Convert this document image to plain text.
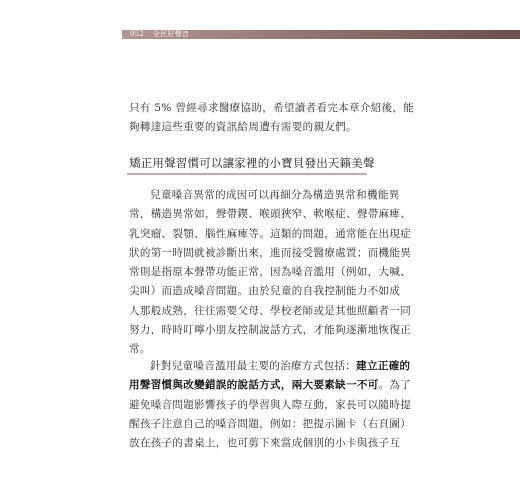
052 全民好聲音
只有 5% 曾經尋求醫療協助，希望讀者看完本章介紹後，能
夠轉達這些重要的資訊給周遭有需要的親友們。
矯正用聲習慣可以讓家裡的小寶貝發出天籟美聲
兒童嗓音異常的成因可以再細分為構造異常和機能異
常，構造異常如，聲帶鍥、喉頭狹窄、軟喉症、聲帶麻痺、
乳突瘤、裂顎、腦性麻痺等。這類的問題，通常能在出現症
狀的第一時間就被診斷出來，進而接受醫療處置；而機能異
常則是指原本聲帶功能正常，因為嗓音濫用（例如，大喊、
尖叫）而造成嗓音問題。由於兒童的自我控制能力不如成
人那般成熟，往往需要父母、學校老師或是其他照顧者一同
努力，時時叮嚀小朋友控制說話方式，才能夠逐漸地恢復正
常。
針對兒童嗓音濫用最主要的治療方式包括：建立正確的
用聲習慣與改變錯誤的說話方式，兩大要素缺一不可。為了
避免嗓音問題影響孩子的學習與人際互動，家長可以隨時提
醒孩子注意自己的嗓音問題，例如：把提示圖卡（右頁圖）
放在孩子的書桌上，也可剪下來當成個別的小卡與孩子互
